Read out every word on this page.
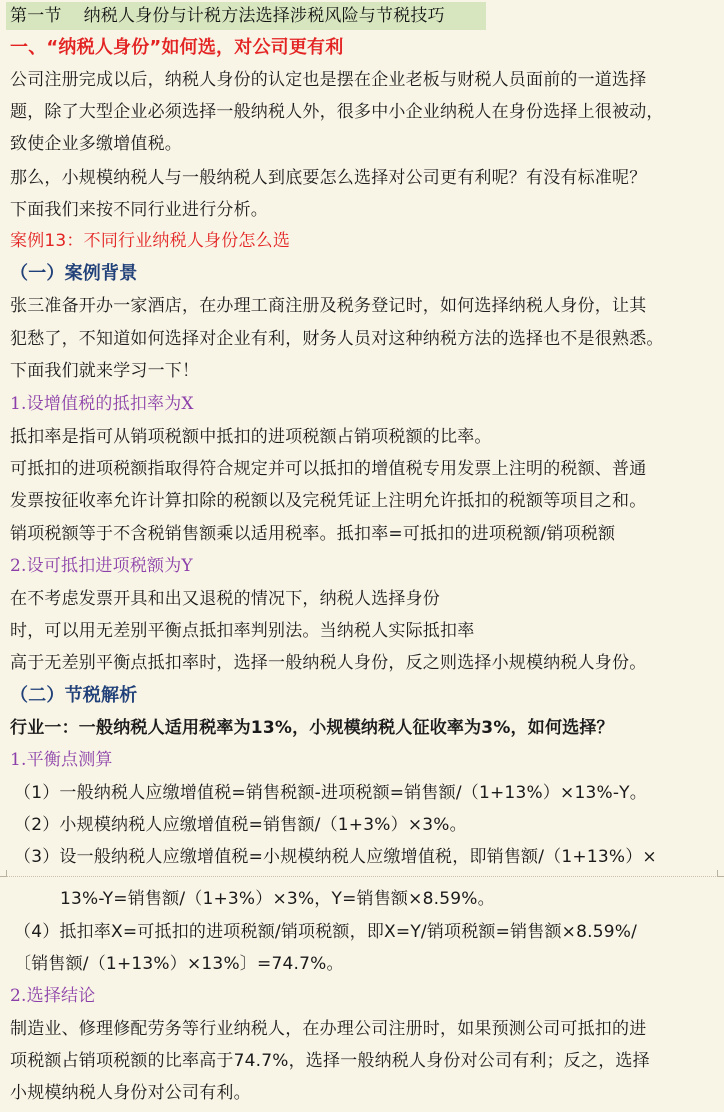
第一节 纳税人身份与计税方法选择涉税风险与节税技巧
一、“纳税人身份”如何选，对公司更有利
公司注册完成以后，纳税人身份的认定也是摆在企业老板与财税人员面前的一道选择
题，除了大型企业必须选择一般纳税人外，很多中小企业纳税人在身份选择上很被动，
致使企业多缴增值税。
那么，小规模纳税人与一般纳税人到底要怎么选择对公司更有利呢？有没有标准呢？
下面我们来按不同行业进行分析。
案例13：不同行业纳税人身份怎么选
（一）案例背景
张三准备开办一家酒店，在办理工商注册及税务登记时，如何选择纳税人身份，让其
犯愁了，不知道如何选择对企业有利，财务人员对这种纳税方法的选择也不是很熟悉。
下面我们就来学习一下！
1.设增值税的抵扣率为X
抵扣率是指可从销项税额中抵扣的进项税额占销项税额的比率。
可抵扣的进项税额指取得符合规定并可以抵扣的增值税专用发票上注明的税额、普通
发票按征收率允许计算扣除的税额以及完税凭证上注明允许抵扣的税额等项目之和。
销项税额等于不含税销售额乘以适用税率。抵扣率=可抵扣的进项税额/销项税额
2.设可抵扣进项税额为Y
在不考虑发票开具和出又退税的情况下，纳税人选择身份
时，可以用无差别平衡点抵扣率判别法。当纳税人实际抵扣率
高于无差别平衡点抵扣率时，选择一般纳税人身份，反之则选择小规模纳税人身份。
（二）节税解析
行业一：一般纳税人适用税率为13%，小规模纳税人征收率为3%，如何选择？
1.平衡点测算
（1）一般纳税人应缴增值税=销售税额-进项税额=销售额/（1+13%）×13%-Y。
（2）小规模纳税人应缴增值税=销售额/（1+3%）×3%。
（3）设一般纳税人应缴增值税=小规模纳税人应缴增值税，即销售额/（1+13%）×
13%-Y=销售额/（1+3%）×3%，Y=销售额×8.59%。
（4）抵扣率X=可抵扣的进项税额/销项税额，即X=Y/销项税额=销售额×8.59%/
〔销售额/（1+13%）×13%〕=74.7%。
2.选择结论
制造业、修理修配劳务等行业纳税人，在办理公司注册时，如果预测公司可抵扣的进
项税额占销项税额的比率高于74.7%，选择一般纳税人身份对公司有利；反之，选择
小规模纳税人身份对公司有利。
